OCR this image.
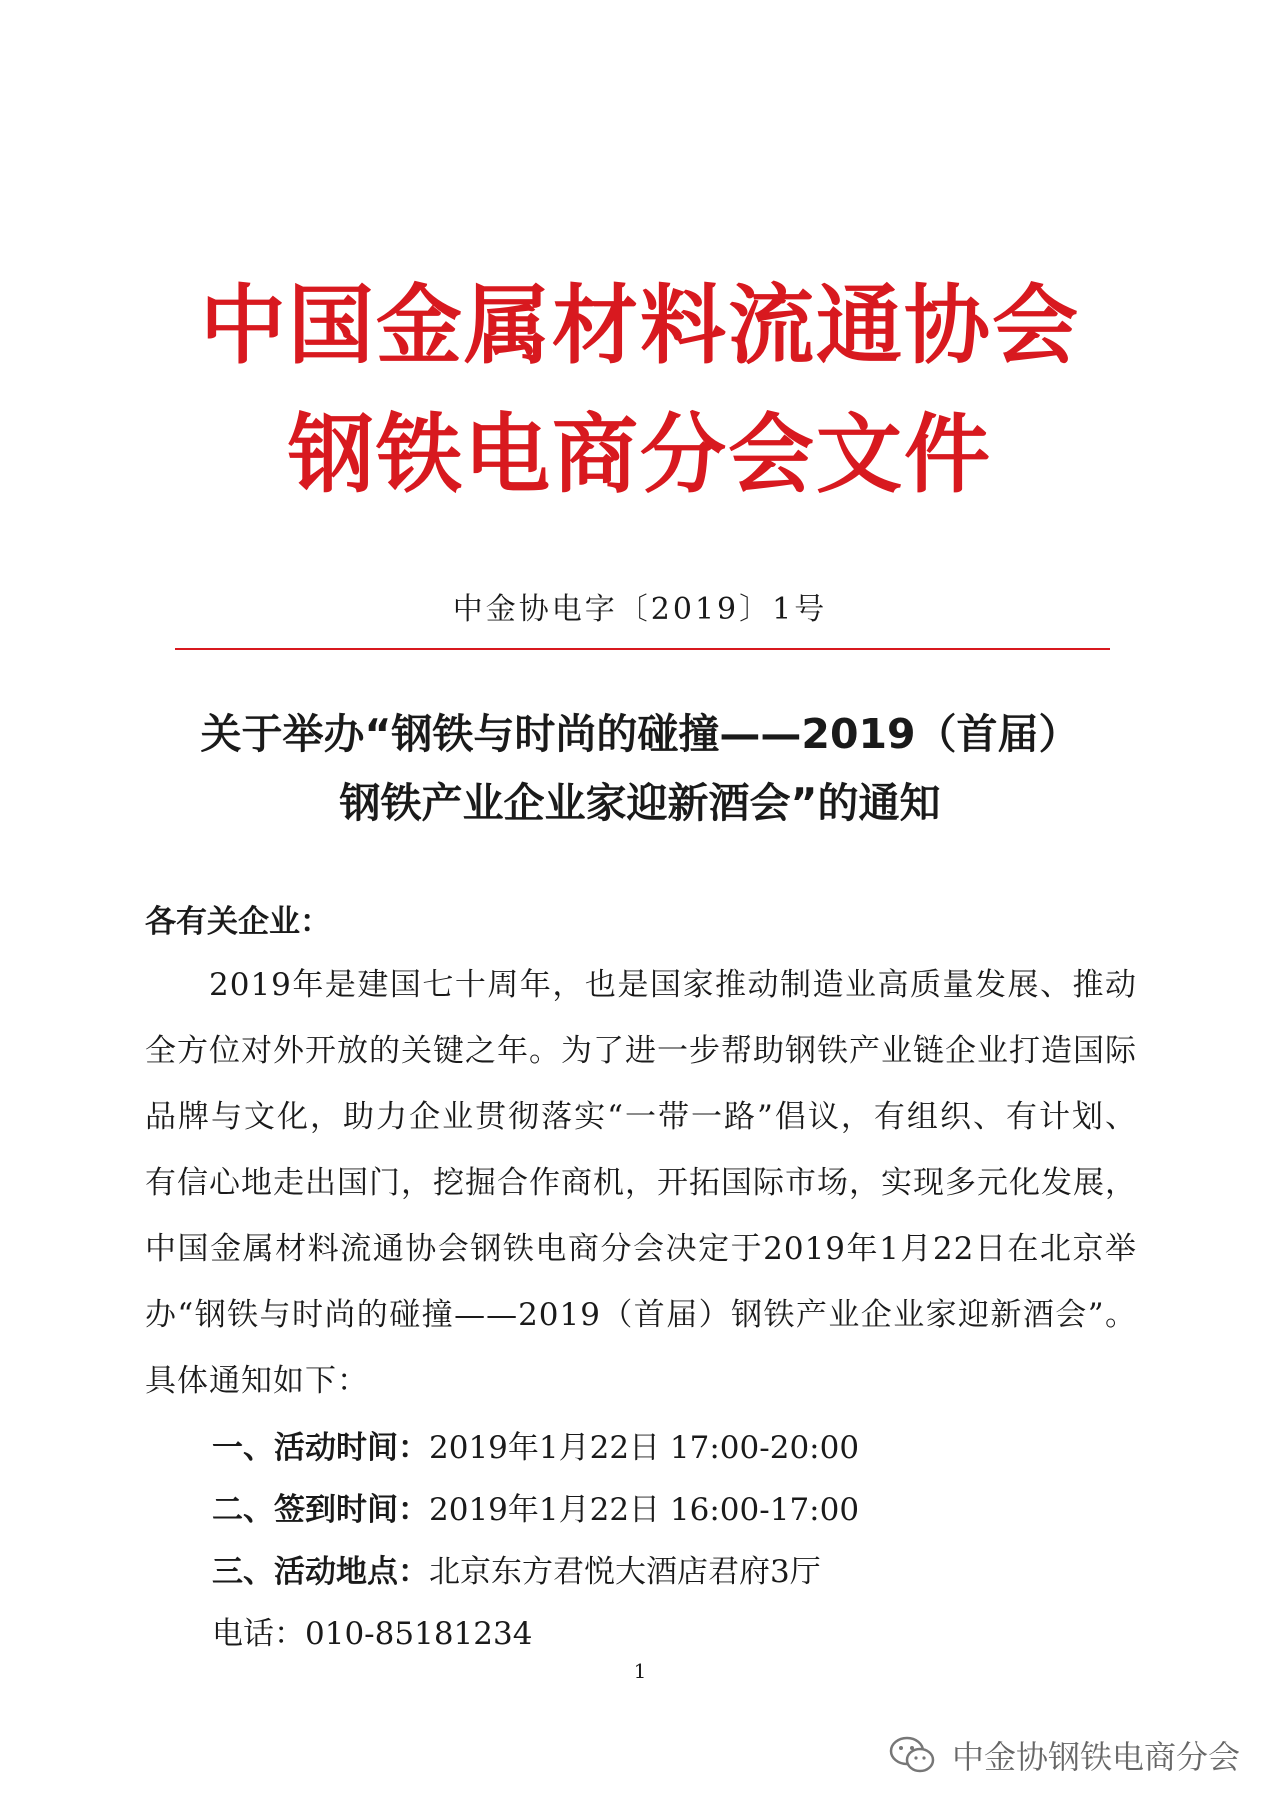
中国金属材料流通协会
钢铁电商分会文件
中金协电字〔2019〕1号
关于举办“钢铁与时尚的碰撞——2019（首届）
钢铁产业企业家迎新酒会”的通知
各有关企业：

2019年是建国七十周年，也是国家推动制造业高质量发展、推动全方位对外开放的关键之年。为了进一步帮助钢铁产业链企业打造国际品牌与文化，助力企业贯彻落实“一带一路”倡议，有组织、有计划、有信心地走出国门，挖掘合作商机，开拓国际市场，实现多元化发展，中国金属材料流通协会钢铁电商分会决定于2019年1月22日在北京举办“钢铁与时尚的碰撞——2019（首届）钢铁产业企业家迎新酒会”。具体通知如下：

一、活动时间：2019年1月22日 17:00-20:00
二、签到时间：2019年1月22日 16:00-17:00
三、活动地点：北京东方君悦大酒店君府3厅
电话：010-85181234
1
中金协钢铁电商分会
